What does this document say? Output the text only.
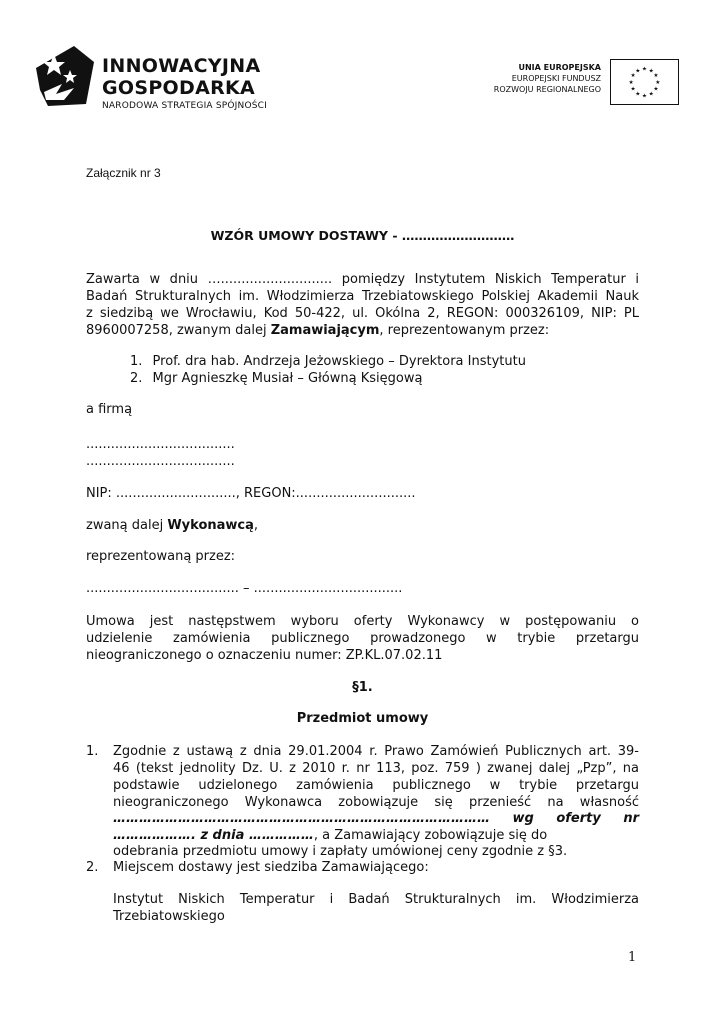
INNOWACYJNA
GOSPODARKA
NARODOWA STRATEGIA SPÓJNOŚCI
UNIA EUROPEJSKA
EUROPEJSKI FUNDUSZ
ROZWOJU REGIONALNEGO
★ ★
★
★
★
★
★
★
★
★
★
★
Załącznik nr 3
WZÓR UMOWY DOSTAWY - ………………………
Zawarta w dniu …........................... pomiędzy Instytutem Niskich Temperatur i
Badań Strukturalnych im. Włodzimierza Trzebiatowskiego Polskiej Akademii Nauk
z siedzibą we Wrocławiu, Kod 50-422, ul. Okólna 2, REGON: 000326109, NIP: PL
8960007258, zwanym dalej Zamawiającym, reprezentowanym przez:
1. Prof. dra hab. Andrzeja Jeżowskiego – Dyrektora Instytutu
2. Mgr Agnieszkę Musiał – Główną Księgową
a firmą
....................................
....................................
NIP: ............................., REGON:.............................
zwaną dalej Wykonawcą,
reprezentowaną przez:
..................................... – ....................................
Umowa jest następstwem wyboru oferty Wykonawcy w postępowaniu o
udzielenie zamówienia publicznego prowadzonego w trybie przetargu
nieograniczonego o oznaczeniu numer: ZP.KL.07.02.11
§1.
Przedmiot umowy
1. Zgodnie z ustawą z dnia 29.01.2004 r. Prawo Zamówień Publicznych art. 39-
46 (tekst jednolity Dz. U. z 2010 r. nr 113, poz. 759 ) zwanej dalej „Pzp”, na
podstawie udzielonego zamówienia publicznego w trybie przetargu
nieograniczonego Wykonawca zobowiązuje się przenieść na własność
…………………………………………………………………………… wg oferty nr
………………. z dnia ……………, a Zamawiający zobowiązuje się do
odebrania przedmiotu umowy i zapłaty umówionej ceny zgodnie z §3.
2. Miejscem dostawy jest siedziba Zamawiającego:
Instytut Niskich Temperatur i Badań Strukturalnych im. Włodzimierza
Trzebiatowskiego
1
